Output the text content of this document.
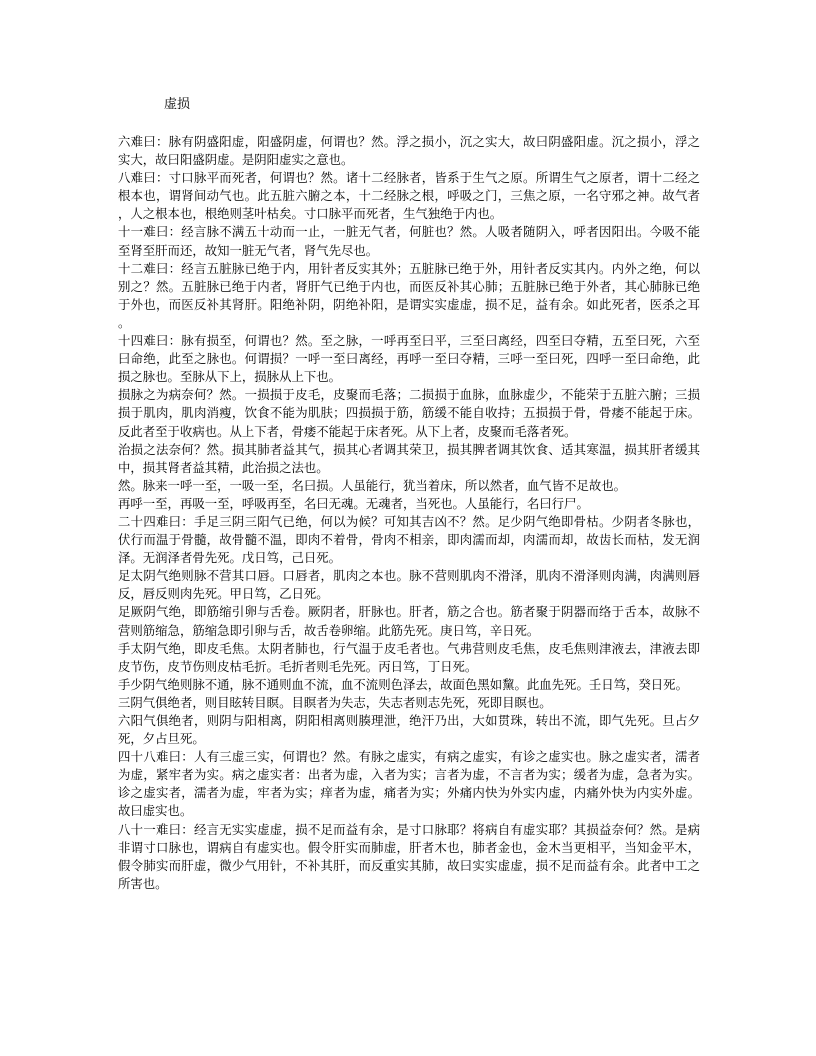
虚损

六难曰：脉有阴盛阳虚，阳盛阴虚，何谓也？然。浮之损小，沉之实大，故曰阴盛阳虚。沉之损小，浮之实大，故曰阳盛阴虚。是阴阳虚实之意也。

八难曰：寸口脉平而死者，何谓也？然。诸十二经脉者，皆系于生气之原。所谓生气之原者，谓十二经之根本也，谓肾间动气也。此五脏六腑之本，十二经脉之根，呼吸之门，三焦之原，一名守邪之神。故气者，人之根本也，根绝则茎叶枯矣。寸口脉平而死者，生气独绝于内也。

十一难曰：经言脉不满五十动而一止，一脏无气者，何脏也？然。人吸者随阴入，呼者因阳出。今吸不能至肾至肝而还，故知一脏无气者，肾气先尽也。

十二难曰：经言五脏脉已绝于内，用针者反实其外；五脏脉已绝于外，用针者反实其内。内外之绝，何以别之？然。五脏脉已绝于内者，肾肝气已绝于内也，而医反补其心肺；五脏脉已绝于外者，其心肺脉已绝于外也，而医反补其肾肝。阳绝补阴，阴绝补阳，是谓实实虚虚，损不足，益有余。如此死者，医杀之耳。

十四难曰：脉有损至，何谓也？然。至之脉，一呼再至曰平，三至曰离经，四至曰夺精，五至曰死，六至曰命绝，此至之脉也。何谓损？一呼一至曰离经，再呼一至曰夺精，三呼一至曰死，四呼一至曰命绝，此损之脉也。至脉从下上，损脉从上下也。

损脉之为病奈何？然。一损损于皮毛，皮聚而毛落；二损损于血脉，血脉虚少，不能荣于五脏六腑；三损损于肌肉，肌肉消瘦，饮食不能为肌肤；四损损于筋，筋缓不能自收持；五损损于骨，骨痿不能起于床。反此者至于收病也。从上下者，骨痿不能起于床者死。从下上者，皮聚而毛落者死。

治损之法奈何？然。损其肺者益其气，损其心者调其荣卫，损其脾者调其饮食、适其寒温，损其肝者缓其中，损其肾者益其精，此治损之法也。

然。脉来一呼一至，一吸一至，名曰损。人虽能行，犹当着床，所以然者，血气皆不足故也。

再呼一至，再吸一至，呼吸再至，名曰无魂。无魂者，当死也。人虽能行，名曰行尸。

二十四难曰：手足三阴三阳气已绝，何以为候？可知其吉凶不？然。足少阴气绝即骨枯。少阴者冬脉也，伏行而温于骨髓，故骨髓不温，即肉不着骨，骨肉不相亲，即肉濡而却，肉濡而却，故齿长而枯，发无润泽。无润泽者骨先死。戊日笃，己日死。

足太阴气绝则脉不营其口唇。口唇者，肌肉之本也。脉不营则肌肉不滑泽，肌肉不滑泽则肉满，肉满则唇反，唇反则肉先死。甲日笃，乙日死。

足厥阴气绝，即筋缩引卵与舌卷。厥阴者，肝脉也。肝者，筋之合也。筋者聚于阴器而络于舌本，故脉不营则筋缩急，筋缩急即引卵与舌，故舌卷卵缩。此筋先死。庚日笃，辛日死。

手太阴气绝，即皮毛焦。太阴者肺也，行气温于皮毛者也。气弗营则皮毛焦，皮毛焦则津液去，津液去即皮节伤，皮节伤则皮枯毛折。毛折者则毛先死。丙日笃，丁日死。

手少阴气绝则脉不通，脉不通则血不流，血不流则色泽去，故面色黑如黧。此血先死。壬日笃，癸日死。

三阴气俱绝者，则目眩转目瞑。目瞑者为失志，失志者则志先死，死即目瞑也。

六阳气俱绝者，则阴与阳相离，阴阳相离则腠理泄，绝汗乃出，大如贯珠，转出不流，即气先死。旦占夕死，夕占旦死。

四十八难曰：人有三虚三实，何谓也？然。有脉之虚实，有病之虚实，有诊之虚实也。脉之虚实者，濡者为虚，紧牢者为实。病之虚实者：出者为虚，入者为实；言者为虚，不言者为实；缓者为虚，急者为实。诊之虚实者，濡者为虚，牢者为实；痒者为虚，痛者为实；外痛内快为外实内虚，内痛外快为内实外虚。故曰虚实也。

八十一难曰：经言无实实虚虚，损不足而益有余，是寸口脉耶？将病自有虚实耶？其损益奈何？然。是病非谓寸口脉也，谓病自有虚实也。假令肝实而肺虚，肝者木也，肺者金也，金木当更相平，当知金平木，假令肺实而肝虚，微少气用针，不补其肝，而反重实其肺，故曰实实虚虚，损不足而益有余。此者中工之所害也。
